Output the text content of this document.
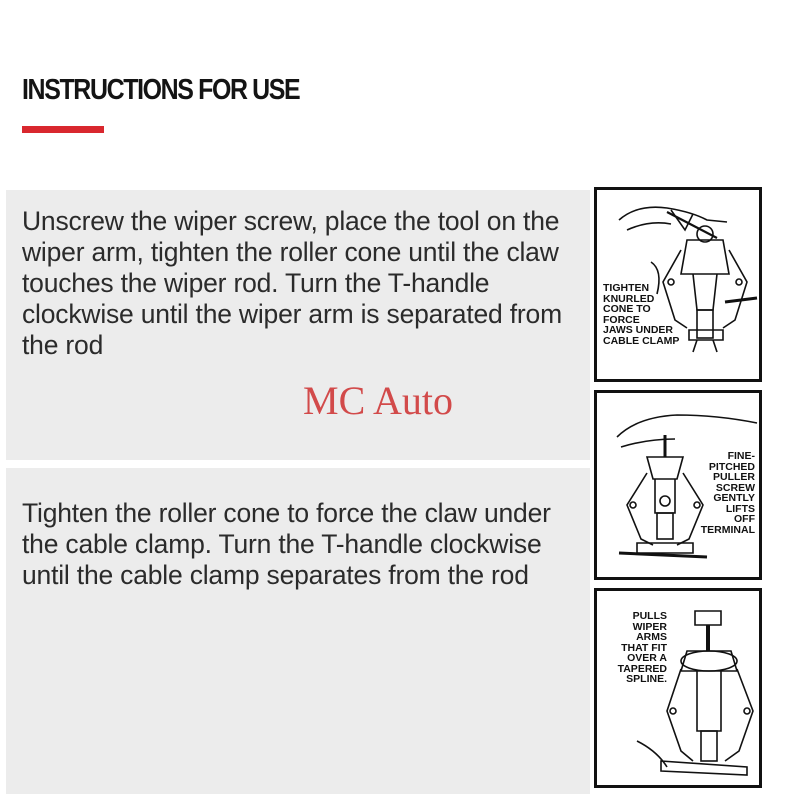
INSTRUCTIONS FOR USE
Unscrew the wiper screw, place the tool on the wiper arm, tighten the roller cone until the claw touches the wiper rod. Turn the T-handle clockwise until the wiper arm is separated from the rod
MC Auto
Tighten the roller cone to force the claw under the cable clamp. Turn the T-handle clockwise until the cable clamp separates from the rod
TIGHTEN
KNURLED
CONE TO
FORCE
JAWS UNDER
CABLE CLAMP
FINE-
PITCHED
PULLER
SCREW
GENTLY
LIFTS
OFF
TERMINAL
PULLS
WIPER
ARMS
THAT FIT
OVER A
TAPERED
SPLINE.
